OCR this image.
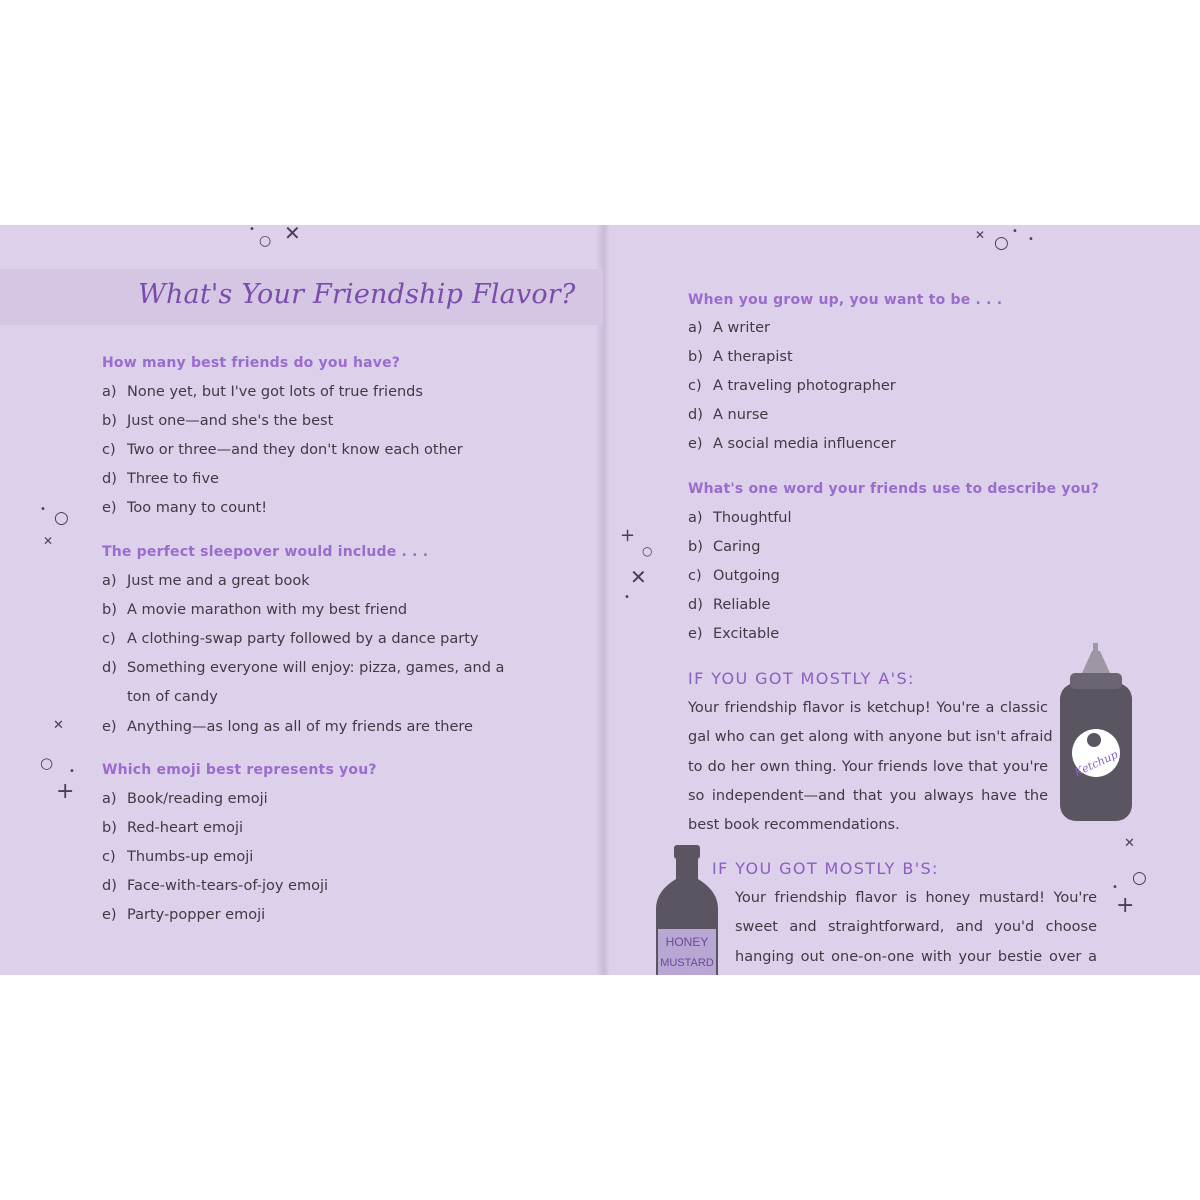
What's Your Friendship Flavor?
How many best friends do you have?
a) None yet, but I've got lots of true friends
b) Just one—and she's the best
c) Two or three—and they don't know each other
d) Three to five
e) Too many to count!
The perfect sleepover would include . . .
a) Just me and a great book
b) A movie marathon with my best friend
c) A clothing-swap party followed by a dance party
d) Something everyone will enjoy: pizza, games, and a
ton of candy
e) Anything—as long as all of my friends are there
Which emoji best represents you?
a) Book/reading emoji
b) Red-heart emoji
c) Thumbs-up emoji
d) Face-with-tears-of-joy emoji
e) Party-popper emoji
When you grow up, you want to be . . .
a) A writer
b) A therapist
c) A traveling photographer
d) A nurse
e) A social media influencer
What's one word your friends use to describe you?
a) Thoughtful
b) Caring
c) Outgoing
d) Reliable
e) Excitable
IF YOU GOT MOSTLY A'S:
Your friendship flavor is ketchup! You're a classic
gal who can get along with anyone but isn't afraid
to do her own thing. Your friends love that you're
so independent—and that you always have the
best book recommendations.
IF YOU GOT MOSTLY B'S:
Your friendship flavor is honey mustard! You're
sweet and straightforward, and you'd choose
hanging out one-on-one with your bestie over a
Ketchup
HONEY
MUSTARD
○ ✕
•	✕ ○
•
•
• ○
✕
✕
○ •
+
+
○
✕
•
✕
○
•
+
